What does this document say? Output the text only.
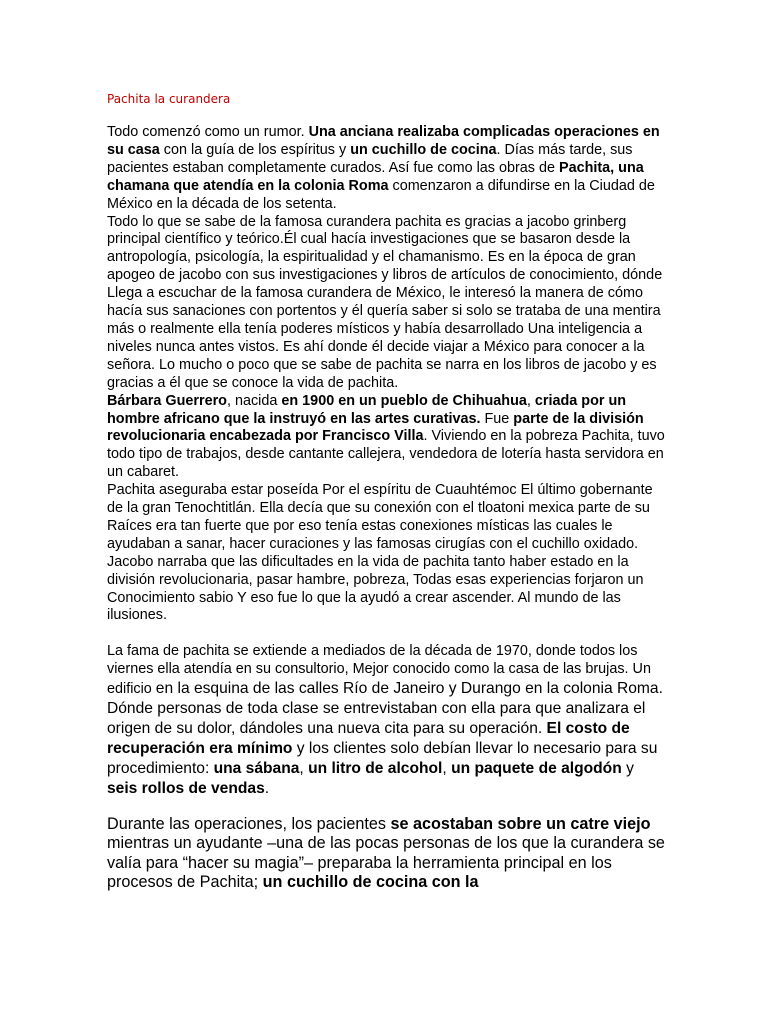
Pachita la curandera

Todo comenzó como un rumor. Una anciana realizaba complicadas operaciones en su casa con la guía de los espíritus y un cuchillo de cocina. Días más tarde, sus pacientes estaban completamente curados. Así fue como las obras de Pachita, una chamana que atendía en la colonia Roma comenzaron a difundirse en la Ciudad de México en la década de los setenta.

Todo lo que se sabe de la famosa curandera pachita es gracias a jacobo grinberg principal científico y teórico.Él cual hacía investigaciones que se basaron desde la antropología, psicología, la espiritualidad y el chamanismo. Es en la época de gran apogeo de jacobo con sus investigaciones y libros de artículos de conocimiento, dónde Llega a escuchar de la famosa curandera de México, le interesó la manera de cómo hacía sus sanaciones con portentos y él quería saber si solo se trataba de una mentira más o realmente ella tenía poderes místicos y había desarrollado Una inteligencia a niveles nunca antes vistos. Es ahí donde él decide viajar a México para conocer a la señora. Lo mucho o poco que se sabe de pachita se narra en los libros de jacobo y es gracias a él que se conoce la vida de pachita.

Bárbara Guerrero, nacida en 1900 en un pueblo de Chihuahua, criada por un hombre africano que la instruyó en las artes curativas. Fue parte de la división revolucionaria encabezada por Francisco Villa. Viviendo en la pobreza Pachita, tuvo todo tipo de trabajos, desde cantante callejera, vendedora de lotería hasta servidora en un cabaret.

Pachita aseguraba estar poseída Por el espíritu de Cuauhtémoc El último gobernante de la gran Tenochtitlán. Ella decía que su conexión con el tloatoni mexica parte de su Raíces era tan fuerte que por eso tenía estas conexiones místicas las cuales le ayudaban a sanar, hacer curaciones y las famosas cirugías con el cuchillo oxidado.

Jacobo narraba que las dificultades en la vida de pachita tanto haber estado en la división revolucionaria, pasar hambre, pobreza, Todas esas experiencias forjaron un Conocimiento sabio Y eso fue lo que la ayudó a crear ascender. Al mundo de las ilusiones.

La fama de pachita se extiende a mediados de la década de 1970, donde todos los viernes ella atendía en su consultorio, Mejor conocido como la casa de las brujas. Un edificio en la esquina de las calles Río de Janeiro y Durango en la colonia Roma. Dónde personas de toda clase se entrevistaban con ella para que analizara el origen de su dolor, dándoles una nueva cita para su operación. El costo de recuperación era mínimo y los clientes solo debían llevar lo necesario para su procedimiento: una sábana, un litro de alcohol, un paquete de algodón y seis rollos de vendas.

Durante las operaciones, los pacientes se acostaban sobre un catre viejo mientras un ayudante –una de las pocas personas de los que la curandera se valía para “hacer su magia”– preparaba la herramienta principal en los procesos de Pachita; un cuchillo de cocina con la
